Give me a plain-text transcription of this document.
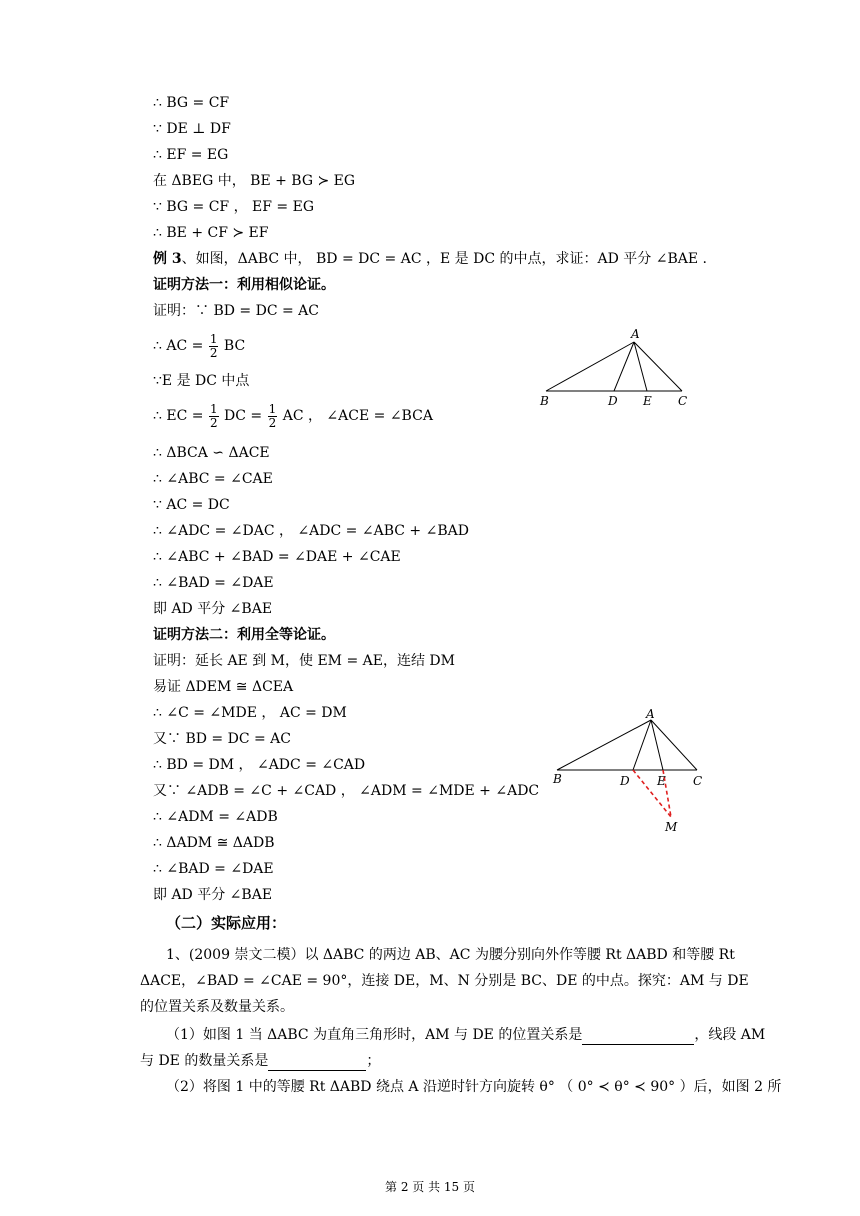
∴ BG = CF
∵ DE ⊥ DF
∴ EF = EG
在 ΔBEG 中， BE + BG ≻ EG
∵ BG = CF ， EF = EG
∴ BE + CF ≻ EF
例 3、如图，ΔABC 中， BD = DC = AC ，E 是 DC 的中点，求证：AD 平分 ∠BAE .
证明方法一：利用相似论证。
证明：∵ BD = DC = AC
∴ AC = $\frac{1}{2}$ BC
∵E 是 DC 中点
∴ EC = $\frac{1}{2}$ DC = $\frac{1}{2}$ AC ， ∠ACE = ∠BCA
∴ ΔBCA ∽ ΔACE
∴ ∠ABC = ∠CAE
∵ AC = DC
∴ ∠ADC = ∠DAC ， ∠ADC = ∠ABC + ∠BAD
∴ ∠ABC + ∠BAD = ∠DAE + ∠CAE
∴ ∠BAD = ∠DAE
即 AD 平分 ∠BAE
证明方法二：利用全等论证。
证明：延长 AE 到 M，使 EM = AE，连结 DM
易证 ΔDEM ≅ ΔCEA
∴ ∠C = ∠MDE ， AC = DM
又∵ BD = DC = AC
∴ BD = DM ， ∠ADC = ∠CAD
又∵ ∠ADB = ∠C + ∠CAD ， ∠ADM = ∠MDE + ∠ADC
∴ ∠ADM = ∠ADB
∴ ΔADM ≅ ΔADB
∴ ∠BAD = ∠DAE
即 AD 平分 ∠BAE
（二）实际应用：
1、(2009 崇文二模）以 ΔABC 的两边 AB、AC 为腰分别向外作等腰 Rt ΔABD 和等腰 Rt ΔACE，∠BAD = ∠CAE = 90°，连接 DE，M、N 分别是 BC、DE 的中点。探究：AM 与 DE 的位置关系及数量关系。
（1）如图 1 当 ΔABC 为直角三角形时，AM 与 DE 的位置关系是	，线段 AM
与 DE 的数量关系是	；
（2）将图 1 中的等腰 Rt ΔABD 绕点 A 沿逆时针方向旋转 θ° （ 0° ≺ θ° ≺ 90° ）后，如图 2 所
A
B	D E C
A
B	D E C
M
第 2 页 共 15 页
